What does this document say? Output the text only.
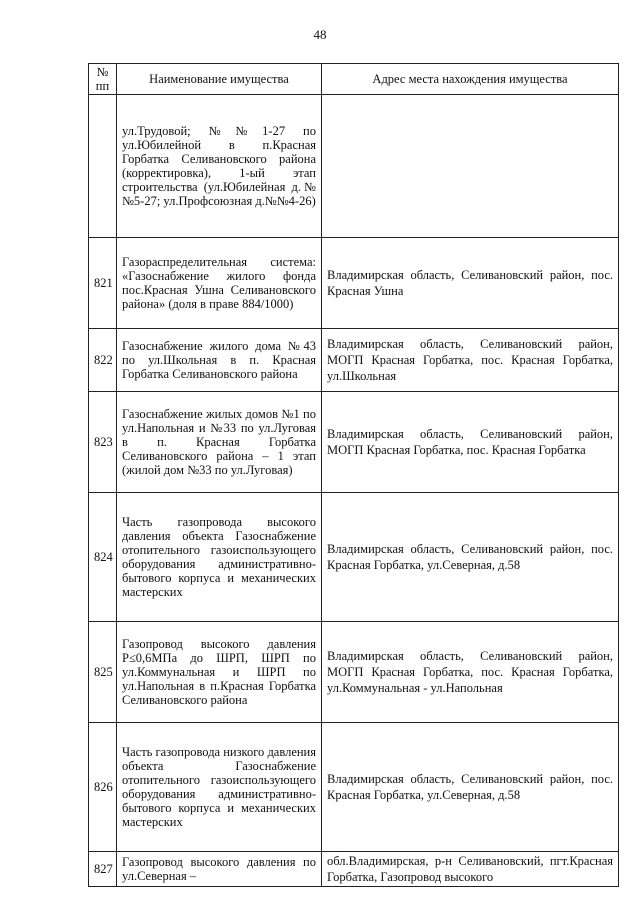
48
№ пп	Наименование имущества	Адрес места нахождения имущества
	ул.Трудовой; №№1-27 по ул.Юбилейной в п.Красная Горбатка Селивановского района (корректировка), 1-ый этап строительства (ул.Юбилейная д.№№5-27; ул.Профсоюзная д.№№4-26)	
821	Газораспределительная система: «Газоснабжение жилого фонда пос.Красная Ушна Селивановского района» (доля в праве 884/1000)	Владимирская область, Селивановский район, пос. Красная Ушна
822	Газоснабжение жилого дома №43 по ул.Школьная в п. Красная Горбатка Селивановского района	Владимирская область, Селивановский район, МОГП Красная Горбатка, пос. Красная Горбатка, ул.Школьная
823	Газоснабжение жилых домов №1 по ул.Напольная и №33 по ул.Луговая в п. Красная Горбатка Селивановского района – 1 этап (жилой дом №33 по ул.Луговая)	Владимирская область, Селивановский район, МОГП Красная Горбатка, пос. Красная Горбатка
824	Часть газопровода высокого давления объекта Газоснабжение отопительного газоиспользующего оборудования административно-бытового корпуса и механических мастерских	Владимирская область, Селивановский район, пос. Красная Горбатка, ул.Северная, д.58
825	Газопровод высокого давления Р≤0,6МПа до ШРП, ШРП по ул.Коммунальная и ШРП по ул.Напольная в п.Красная Горбатка Селивановского района	Владимирская область, Селивановский район, МОГП Красная Горбатка, пос. Красная Горбатка, ул.Коммунальная - ул.Напольная
826	Часть газопровода низкого давления объекта Газоснабжение отопительного газоиспользующего оборудования административно-бытового корпуса и механических мастерских	Владимирская область, Селивановский район, пос. Красная Горбатка, ул.Северная, д.58
827	Газопровод высокого давления по ул.Северная –	обл.Владимирская, р-н Селивановский, пгт.Красная Горбатка, Газопровод высокого
